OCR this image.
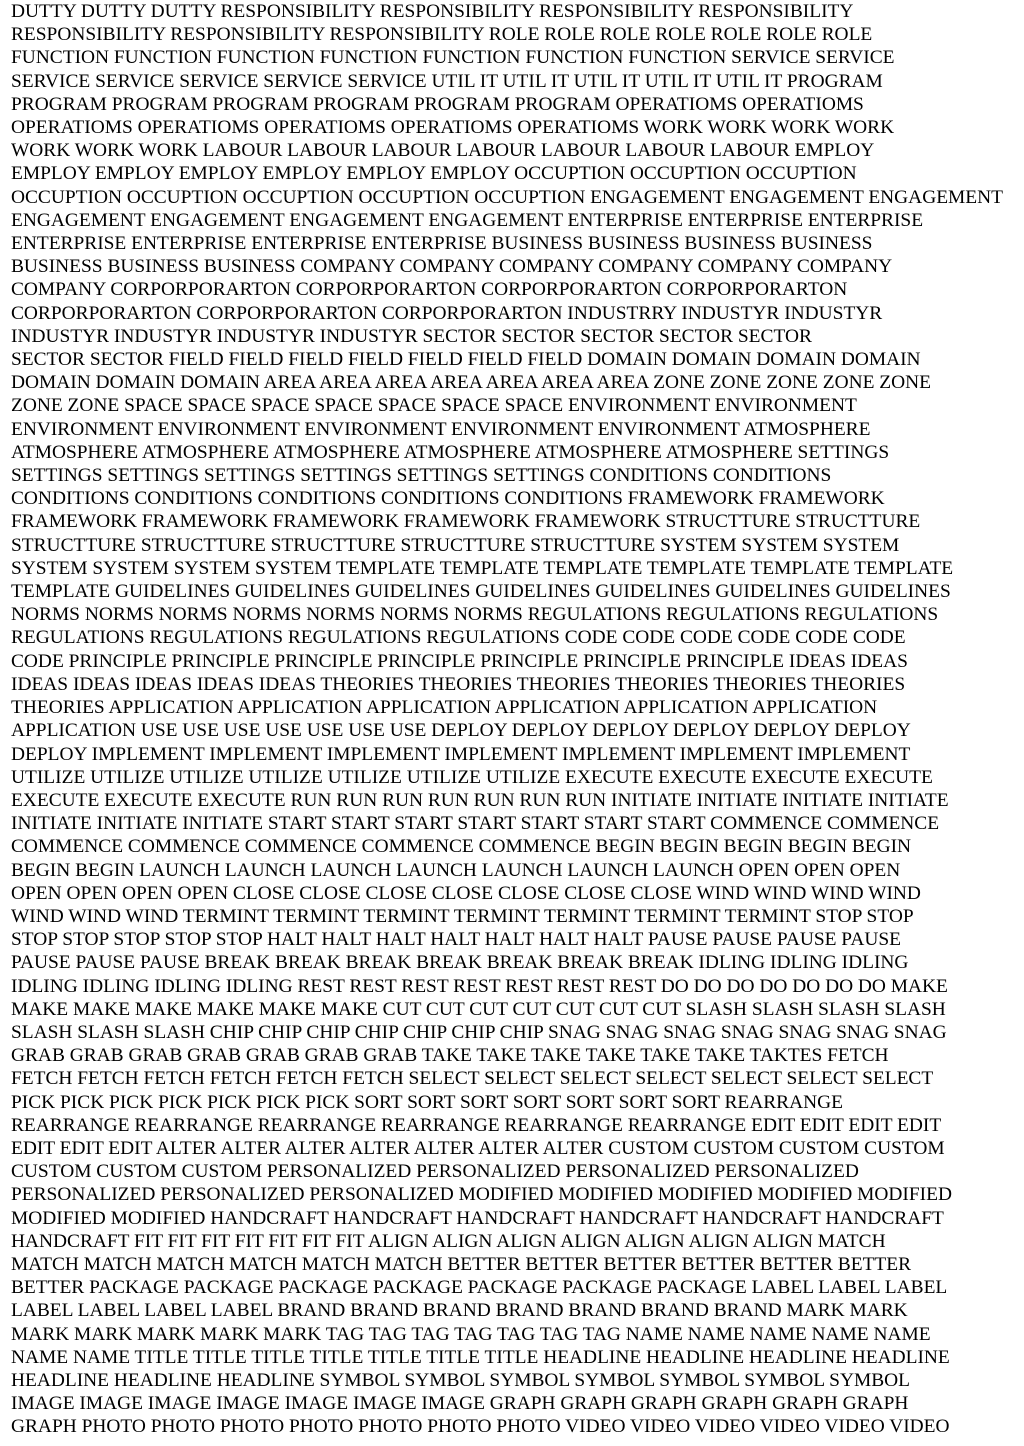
DUTTY DUTTY DUTTY RESPONSIBILITY RESPONSIBILITY RESPONSIBILITY RESPONSIBILITY
RESPONSIBILITY RESPONSIBILITY RESPONSIBILITY ROLE ROLE ROLE ROLE ROLE ROLE ROLE
FUNCTION FUNCTION FUNCTION FUNCTION FUNCTION FUNCTION FUNCTION SERVICE SERVICE
SERVICE SERVICE SERVICE SERVICE SERVICE UTIL IT UTIL IT UTIL IT UTIL IT UTIL IT PROGRAM
PROGRAM PROGRAM PROGRAM PROGRAM PROGRAM PROGRAM OPERATIOMS OPERATIOMS
OPERATIOMS OPERATIOMS OPERATIOMS OPERATIOMS OPERATIOMS WORK WORK WORK WORK
WORK WORK WORK LABOUR LABOUR LABOUR LABOUR LABOUR LABOUR LABOUR EMPLOY
EMPLOY EMPLOY EMPLOY EMPLOY EMPLOY EMPLOY OCCUPTION OCCUPTION OCCUPTION
OCCUPTION OCCUPTION OCCUPTION OCCUPTION OCCUPTION ENGAGEMENT ENGAGEMENT ENGAGEMENT
ENGAGEMENT ENGAGEMENT ENGAGEMENT ENGAGEMENT ENTERPRISE ENTERPRISE ENTERPRISE
ENTERPRISE ENTERPRISE ENTERPRISE ENTERPRISE BUSINESS BUSINESS BUSINESS BUSINESS
BUSINESS BUSINESS BUSINESS COMPANY COMPANY COMPANY COMPANY COMPANY COMPANY
COMPANY CORPORPORARTON CORPORPORARTON CORPORPORARTON CORPORPORARTON
CORPORPORARTON CORPORPORARTON CORPORPORARTON INDUSTRRY INDUSTYR INDUSTYR
INDUSTYR INDUSTYR INDUSTYR INDUSTYR SECTOR SECTOR SECTOR SECTOR SECTOR
SECTOR SECTOR FIELD FIELD FIELD FIELD FIELD FIELD FIELD DOMAIN DOMAIN DOMAIN DOMAIN
DOMAIN DOMAIN DOMAIN AREA AREA AREA AREA AREA AREA AREA ZONE ZONE ZONE ZONE ZONE
ZONE ZONE SPACE SPACE SPACE SPACE SPACE SPACE SPACE ENVIRONMENT ENVIRONMENT
ENVIRONMENT ENVIRONMENT ENVIRONMENT ENVIRONMENT ENVIRONMENT ATMOSPHERE
ATMOSPHERE ATMOSPHERE ATMOSPHERE ATMOSPHERE ATMOSPHERE ATMOSPHERE SETTINGS
SETTINGS SETTINGS SETTINGS SETTINGS SETTINGS SETTINGS CONDITIONS CONDITIONS
CONDITIONS CONDITIONS CONDITIONS CONDITIONS CONDITIONS FRAMEWORK FRAMEWORK
FRAMEWORK FRAMEWORK FRAMEWORK FRAMEWORK FRAMEWORK STRUCTTURE STRUCTTURE
STRUCTTURE STRUCTTURE STRUCTTURE STRUCTTURE STRUCTTURE SYSTEM SYSTEM SYSTEM
SYSTEM SYSTEM SYSTEM SYSTEM TEMPLATE TEMPLATE TEMPLATE TEMPLATE TEMPLATE TEMPLATE
TEMPLATE GUIDELINES GUIDELINES GUIDELINES GUIDELINES GUIDELINES GUIDELINES GUIDELINES
NORMS NORMS NORMS NORMS NORMS NORMS NORMS REGULATIONS REGULATIONS REGULATIONS
REGULATIONS REGULATIONS REGULATIONS REGULATIONS CODE CODE CODE CODE CODE CODE
CODE PRINCIPLE PRINCIPLE PRINCIPLE PRINCIPLE PRINCIPLE PRINCIPLE PRINCIPLE IDEAS IDEAS
IDEAS IDEAS IDEAS IDEAS IDEAS THEORIES THEORIES THEORIES THEORIES THEORIES THEORIES
THEORIES APPLICATION APPLICATION APPLICATION APPLICATION APPLICATION APPLICATION
APPLICATION USE USE USE USE USE USE USE DEPLOY DEPLOY DEPLOY DEPLOY DEPLOY DEPLOY
DEPLOY IMPLEMENT IMPLEMENT IMPLEMENT IMPLEMENT IMPLEMENT IMPLEMENT IMPLEMENT
UTILIZE UTILIZE UTILIZE UTILIZE UTILIZE UTILIZE UTILIZE EXECUTE EXECUTE EXECUTE EXECUTE
EXECUTE EXECUTE EXECUTE RUN RUN RUN RUN RUN RUN RUN INITIATE INITIATE INITIATE INITIATE
INITIATE INITIATE INITIATE START START START START START START START COMMENCE COMMENCE
COMMENCE COMMENCE COMMENCE COMMENCE COMMENCE BEGIN BEGIN BEGIN BEGIN BEGIN
BEGIN BEGIN LAUNCH LAUNCH LAUNCH LAUNCH LAUNCH LAUNCH LAUNCH OPEN OPEN OPEN
OPEN OPEN OPEN OPEN CLOSE CLOSE CLOSE CLOSE CLOSE CLOSE CLOSE WIND WIND WIND WIND
WIND WIND WIND TERMINT TERMINT TERMINT TERMINT TERMINT TERMINT TERMINT STOP STOP
STOP STOP STOP STOP STOP HALT HALT HALT HALT HALT HALT HALT PAUSE PAUSE PAUSE PAUSE
PAUSE PAUSE PAUSE BREAK BREAK BREAK BREAK BREAK BREAK BREAK IDLING IDLING IDLING
IDLING IDLING IDLING IDLING REST REST REST REST REST REST REST DO DO DO DO DO DO DO MAKE
MAKE MAKE MAKE MAKE MAKE MAKE CUT CUT CUT CUT CUT CUT CUT SLASH SLASH SLASH SLASH
SLASH SLASH SLASH CHIP CHIP CHIP CHIP CHIP CHIP CHIP SNAG SNAG SNAG SNAG SNAG SNAG SNAG
GRAB GRAB GRAB GRAB GRAB GRAB GRAB TAKE TAKE TAKE TAKE TAKE TAKE TAKTES FETCH
FETCH FETCH FETCH FETCH FETCH FETCH SELECT SELECT SELECT SELECT SELECT SELECT SELECT
PICK PICK PICK PICK PICK PICK PICK SORT SORT SORT SORT SORT SORT SORT REARRANGE
REARRANGE REARRANGE REARRANGE REARRANGE REARRANGE REARRANGE EDIT EDIT EDIT EDIT
EDIT EDIT EDIT ALTER ALTER ALTER ALTER ALTER ALTER ALTER CUSTOM CUSTOM CUSTOM CUSTOM
CUSTOM CUSTOM CUSTOM PERSONALIZED PERSONALIZED PERSONALIZED PERSONALIZED
PERSONALIZED PERSONALIZED PERSONALIZED MODIFIED MODIFIED MODIFIED MODIFIED MODIFIED
MODIFIED MODIFIED HANDCRAFT HANDCRAFT HANDCRAFT HANDCRAFT HANDCRAFT HANDCRAFT
HANDCRAFT FIT FIT FIT FIT FIT FIT FIT ALIGN ALIGN ALIGN ALIGN ALIGN ALIGN ALIGN MATCH
MATCH MATCH MATCH MATCH MATCH MATCH BETTER BETTER BETTER BETTER BETTER BETTER
BETTER PACKAGE PACKAGE PACKAGE PACKAGE PACKAGE PACKAGE PACKAGE LABEL LABEL LABEL
LABEL LABEL LABEL LABEL BRAND BRAND BRAND BRAND BRAND BRAND BRAND MARK MARK
MARK MARK MARK MARK MARK TAG TAG TAG TAG TAG TAG TAG NAME NAME NAME NAME NAME
NAME NAME TITLE TITLE TITLE TITLE TITLE TITLE TITLE HEADLINE HEADLINE HEADLINE HEADLINE
HEADLINE HEADLINE HEADLINE SYMBOL SYMBOL SYMBOL SYMBOL SYMBOL SYMBOL SYMBOL
IMAGE IMAGE IMAGE IMAGE IMAGE IMAGE IMAGE GRAPH GRAPH GRAPH GRAPH GRAPH GRAPH
GRAPH PHOTO PHOTO PHOTO PHOTO PHOTO PHOTO PHOTO VIDEO VIDEO VIDEO VIDEO VIDEO VIDEO
